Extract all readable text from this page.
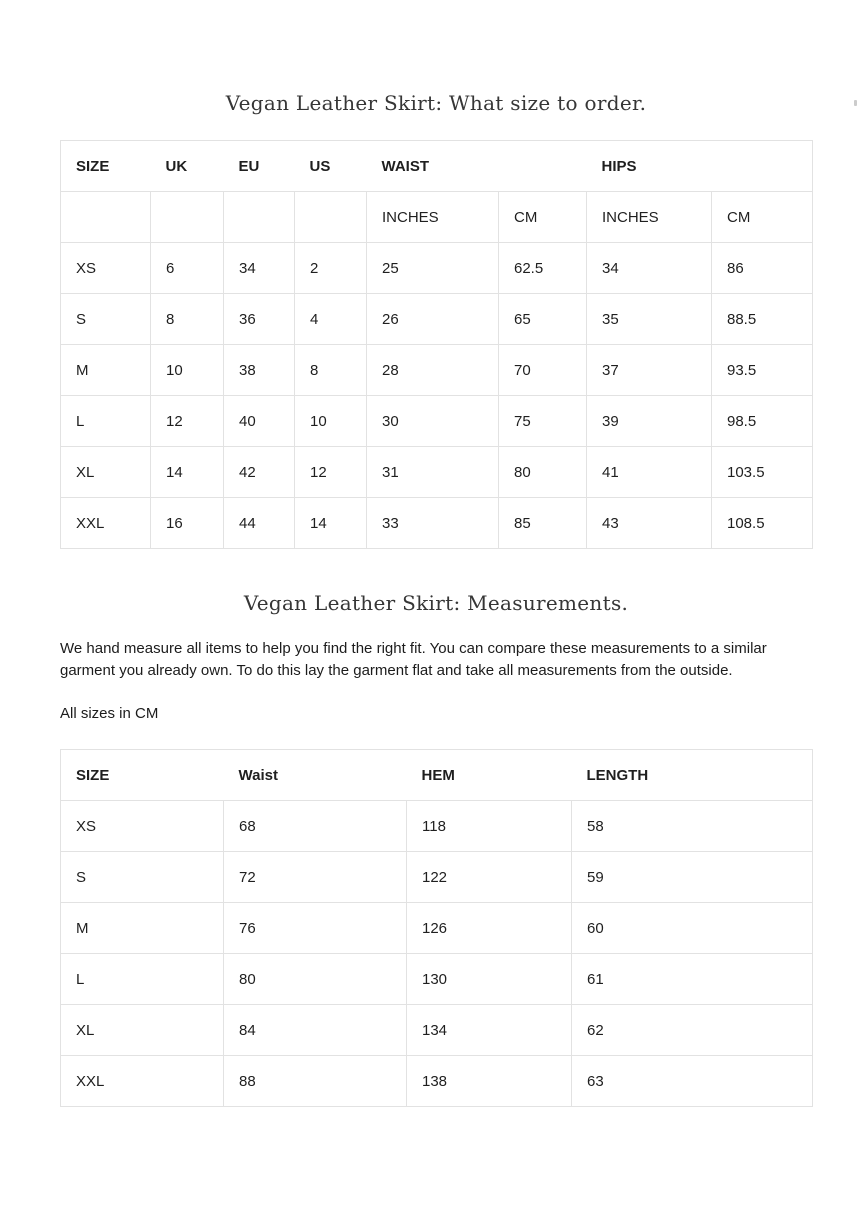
Vegan Leather Skirt: What size to order.
SIZE	UK	EU	US	WAIST		HIPS	
				INCHES	CM	INCHES	CM
XS	6	34	2	25	62.5	34	86
S	8	36	4	26	65	35	88.5
M	10	38	8	28	70	37	93.5
L	12	40	10	30	75	39	98.5
XL	14	42	12	31	80	41	103.5
XXL	16	44	14	33	85	43	108.5
Vegan Leather Skirt: Measurements.

We hand measure all items to help you find the right fit. You can compare these measurements to a similar garment you already own. To do this lay the garment flat and take all measurements from the outside.

All sizes in CM

SIZE	Waist	HEM	LENGTH
XS	68	118	58
S	72	122	59
M	76	126	60
L	80	130	61
XL	84	134	62
XXL	88	138	63
